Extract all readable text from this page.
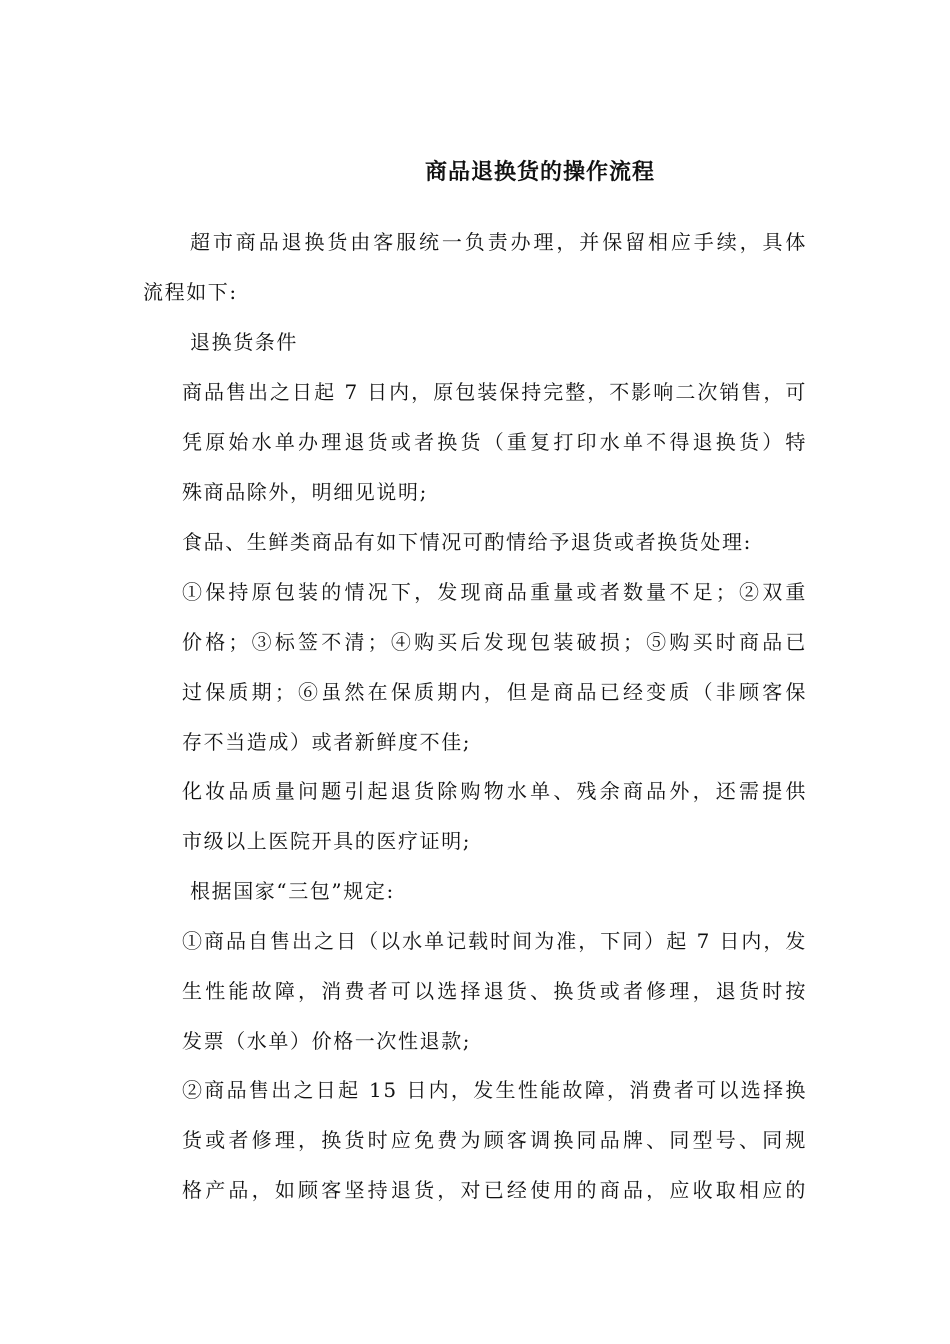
商品退换货的操作流程
超市商品退换货由客服统一负责办理，并保留相应手续，具体
流程如下:
退换货条件
商品售出之日起 7 日内，原包装保持完整，不影响二次销售，可
凭原始水单办理退货或者换货（重复打印水单不得退换货）特
殊商品除外，明细见说明;
食品、生鲜类商品有如下情况可酌情给予退货或者换货处理:
①保持原包装的情况下，发现商品重量或者数量不足；②双重
价格；③标签不清；④购买后发现包装破损；⑤购买时商品已
过保质期；⑥虽然在保质期内，但是商品已经变质（非顾客保
存不当造成）或者新鲜度不佳;
化妆品质量问题引起退货除购物水单、残余商品外，还需提供
市级以上医院开具的医疗证明;
根据国家“三包”规定:
①商品自售出之日（以水单记载时间为准，下同）起 7 日内，发
生性能故障，消费者可以选择退货、换货或者修理，退货时按
发票（水单）价格一次性退款;
②商品售出之日起 15 日内，发生性能故障，消费者可以选择换
货或者修理，换货时应免费为顾客调换同品牌、同型号、同规
格产品，如顾客坚持退货，对已经使用的商品，应收取相应的
